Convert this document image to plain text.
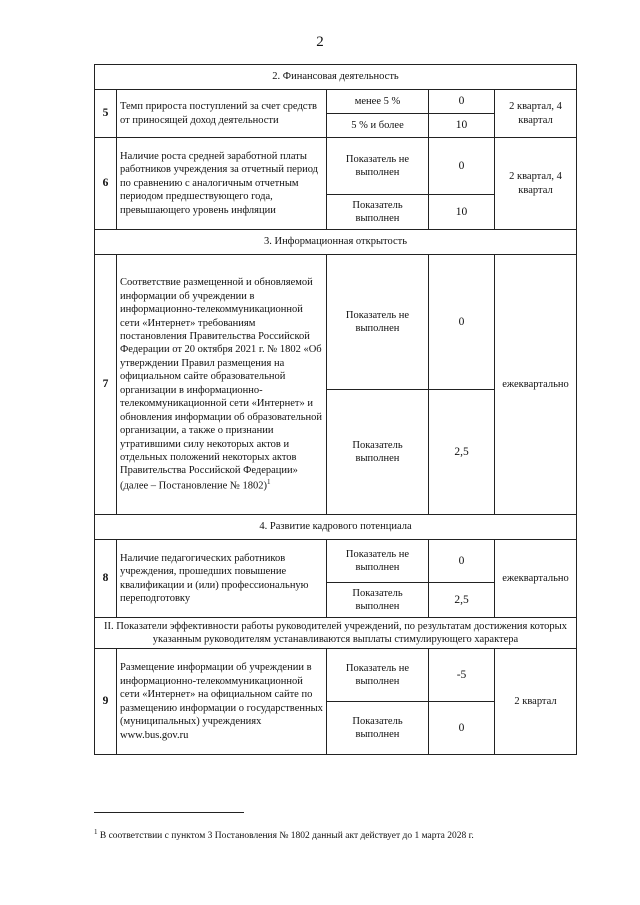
2
2. Финансовая деятельность				
5	Темп прироста поступлений за счет средств от приносящей доход деятельности	менее 5 %	0	2 квартал, 4 квартал
		5 % и более	10	
6	Наличие роста средней заработной платы работников учреждения за отчетный период по сравнению с аналогичным отчетным периодом предшествующего года, превышающего уровень инфляции	Показатель не выполнен	0	2 квартал, 4 квартал
		Показатель выполнен	10	
3. Информационная открытость				
7	Соответствие размещенной и обновляемой информации об учреждении в информационно-телекоммуникационной сети «Интернет» требованиям постановления Правительства Российской Федерации от 20 октября 2021 г. № 1802 «Об утверждении Правил размещения на официальном сайте образовательной организации в информационно-телекоммуникационной сети «Интернет» и обновления информации об образовательной организации, а также о признании утратившими силу некоторых актов и отдельных положений некоторых актов Правительства Российской Федерации» (далее – Постановление № 1802)$^1$	Показатель не выполнен	0	ежеквартально
		Показатель выполнен	2,5	
4. Развитие кадрового потенциала				
8	Наличие педагогических работников учреждения, прошедших повышение квалификации и (или) профессиональную переподготовку	Показатель не выполнен	0	ежеквартально
		Показатель выполнен	2,5	
II. Показатели эффективности работы руководителей учреждений, по результатам достижения которых указанным руководителям устанавливаются выплаты стимулирующего характера				
9	Размещение информации об учреждении в информационно-телекоммуникационной сети «Интернет» на официальном сайте по размещению информации о государственных (муниципальных) учреждениях www.bus.gov.ru	Показатель не выполнен	-5	2 квартал
		Показатель выполнен	0	
$^1$ В соответствии с пунктом 3 Постановления № 1802 данный акт действует до 1 марта 2028 г.
